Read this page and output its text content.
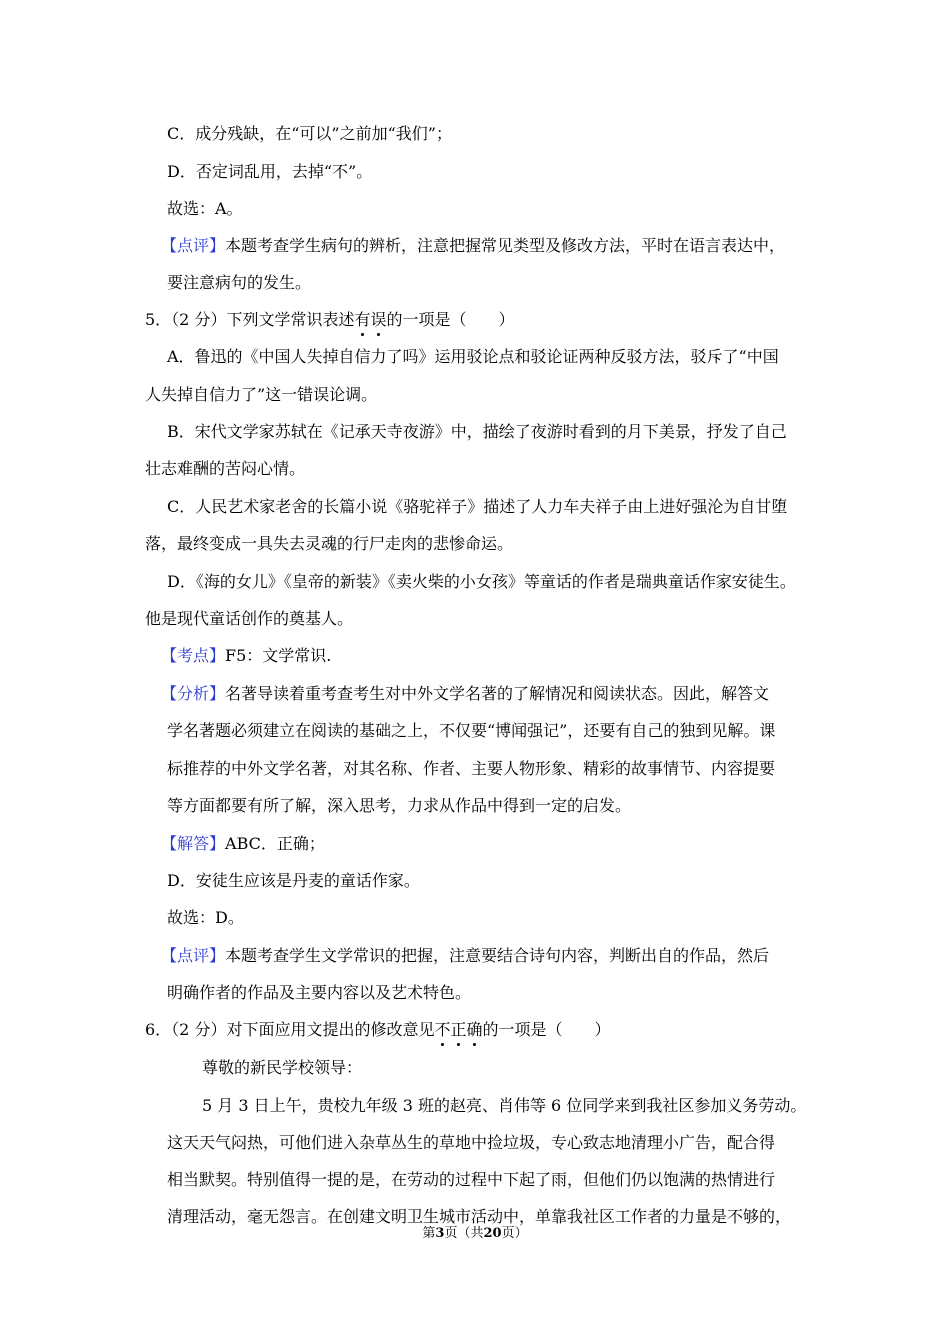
C．成分残缺，在“可以”之前加“我们”；
D．否定词乱用，去掉“不”。
故选：A。
【点评】本题考查学生病句的辨析，注意把握常见类型及修改方法，平时在语言表达中，
要注意病句的发生。
5．（2 分）下列文学常识表述有误的一项是（　　）
A．鲁迅的《中国人失掉自信力了吗》运用驳论点和驳论证两种反驳方法，驳斥了“中国
人失掉自信力了”这一错误论调。
B．宋代文学家苏轼在《记承天寺夜游》中，描绘了夜游时看到的月下美景，抒发了自己
壮志难酬的苦闷心情。
C．人民艺术家老舍的长篇小说《骆驼祥子》描述了人力车夫祥子由上进好强沦为自甘堕
落，最终变成一具失去灵魂的行尸走肉的悲惨命运。
D．《海的女儿》《皇帝的新装》《卖火柴的小女孩》等童话的作者是瑞典童话作家安徒生。
他是现代童话创作的奠基人。
【考点】F5：文学常识.
【分析】名著导读着重考查考生对中外文学名著的了解情况和阅读状态。因此，解答文
学名著题必须建立在阅读的基础之上，不仅要“博闻强记”，还要有自己的独到见解。课
标推荐的中外文学名著，对其名称、作者、主要人物形象、精彩的故事情节、内容提要
等方面都要有所了解，深入思考，力求从作品中得到一定的启发。
【解答】ABC．正确；
D．安徒生应该是丹麦的童话作家。
故选：D。
【点评】本题考查学生文学常识的把握，注意要结合诗句内容，判断出自的作品，然后
明确作者的作品及主要内容以及艺术特色。
6．（2 分）对下面应用文提出的修改意见不正确的一项是（　　）
尊敬的新民学校领导：
5 月 3 日上午，贵校九年级 3 班的赵亮、肖伟等 6 位同学来到我社区参加义务劳动。
这天天气闷热，可他们进入杂草丛生的草地中捡垃圾，专心致志地清理小广告，配合得
相当默契。特别值得一提的是，在劳动的过程中下起了雨，但他们仍以饱满的热情进行
清理活动，毫无怨言。在创建文明卫生城市活动中，单靠我社区工作者的力量是不够的，
第3页（共20页）
